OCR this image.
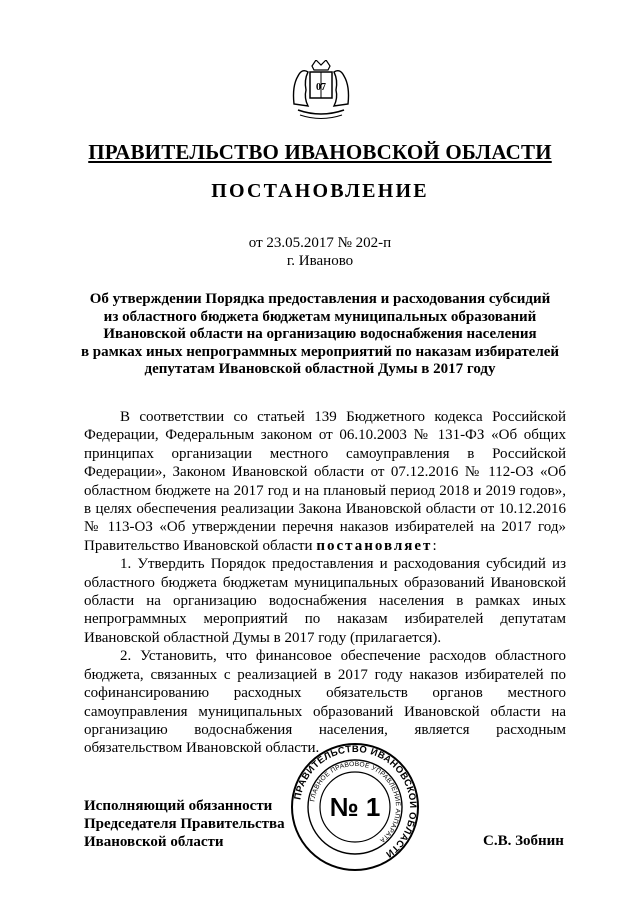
07
ПРАВИТЕЛЬСТВО ИВАНОВСКОЙ ОБЛАСТИ
ПОСТАНОВЛЕНИЕ
от 23.05.2017 № 202-п
г. Иваново
Об утверждении Порядка предоставления и расходования субсидий
из областного бюджета бюджетам муниципальных образований
Ивановской области на организацию водоснабжения населения
в рамках иных непрограммных мероприятий по наказам избирателей
депутатам Ивановской областной Думы в 2017 году

В соответствии со статьей 139 Бюджетного кодекса Российской Федерации, Федеральным законом от 06.10.2003 № 131-ФЗ «Об общих принципах организации местного самоуправления в Российской Федерации», Законом Ивановской области от 07.12.2016 № 112-ОЗ «Об областном бюджете на 2017 год и на плановый период 2018 и 2019 годов», в целях обеспечения реализации Закона Ивановской области от 10.12.2016 № 113-ОЗ «Об утверждении перечня наказов избирателей на 2017 год» Правительство Ивановской области постановляет:

1. Утвердить Порядок предоставления и расходования субсидий из областного бюджета бюджетам муниципальных образований Ивановской области на организацию водоснабжения населения в рамках иных непрограммных мероприятий по наказам избирателей депутатам Ивановской областной Думы в 2017 году (прилагается).

2. Установить, что финансовое обеспечение расходов областного бюджета, связанных с реализацией в 2017 году наказов избирателей по софинансированию расходных обязательств органов местного самоуправления муниципальных образований Ивановской области на организацию водоснабжения населения, является расходным обязательством Ивановской области.

Исполняющий обязанности
Председателя Правительства
Ивановской области
ПРАВИТЕЛЬСТВО ИВАНОВСКОЙ ОБЛАСТИ
ГЛАВНОЕ ПРАВОВОЕ УПРАВЛЕНИЕ АППАРАТА
№ 1
С.В. Зобнин
